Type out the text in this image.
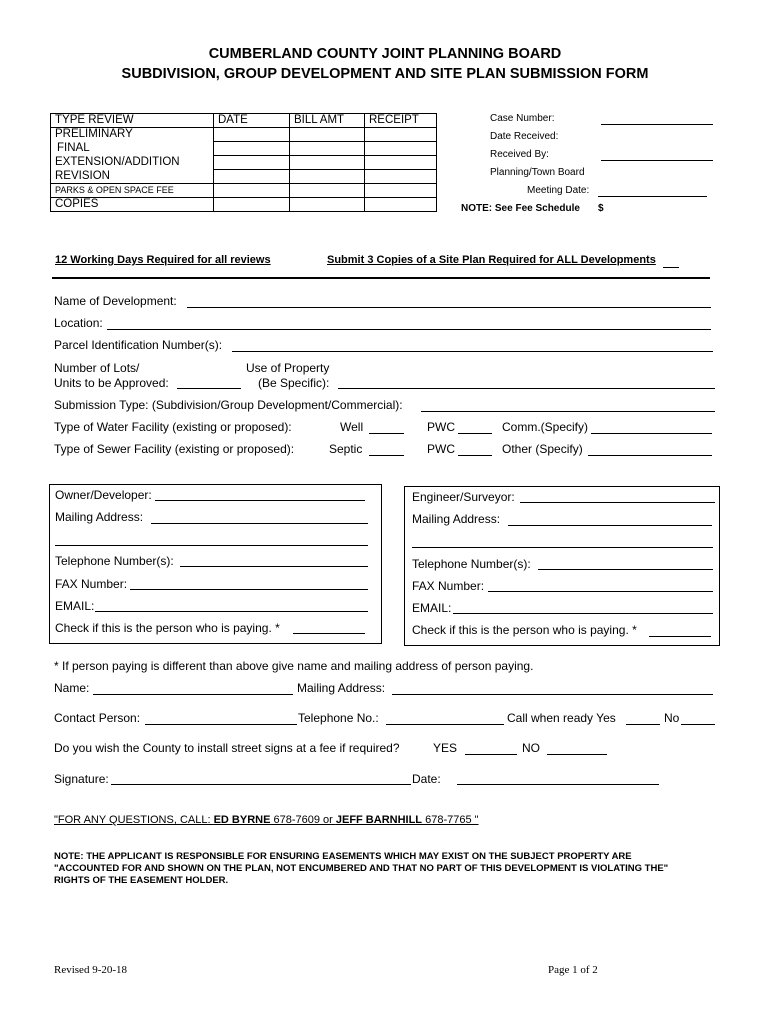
CUMBERLAND COUNTY JOINT PLANNING BOARD
SUBDIVISION, GROUP DEVELOPMENT AND SITE PLAN SUBMISSION FORM
TYPE REVIEW	DATE	BILL AMT	RECEIPT
PRELIMINARY			
FINAL			
EXTENSION/ADDITION			
REVISION			
PARKS & OPEN SPACE FEE			
COPIES			
Case Number:
Date Received:
Received By:
Planning/Town Board
Meeting Date:
NOTE: See Fee Schedule $
12 Working Days Required for all reviews	Submit 3 Copies of a Site Plan Required for ALL Developments
Name of Development:
Location:
Parcel Identification Number(s):
Number of Lots/
Units to be Approved:
Use of Property
(Be Specific):
Submission Type: (Subdivision/Group Development/Commercial):
Type of Water Facility (existing or proposed):	Well	PWC	Comm.(Specify)
Type of Sewer Facility (existing or proposed):	Septic	PWC	Other (Specify)
Owner/Developer:
Mailing Address:
Telephone Number(s):
FAX Number:
EMAIL:
Check if this is the person who is paying. *
Engineer/Surveyor:
Mailing Address:
Telephone Number(s):
FAX Number:
EMAIL:
Check if this is the person who is paying. *
* If person paying is different than above give name and mailing address of person paying.
Name:	Mailing Address:
Contact Person:	Telephone No.:	Call when ready Yes	No
Do you wish the County to install street signs at a fee if required?	YES	NO
Signature:	Date:
"FOR ANY QUESTIONS, CALL: ED BYRNE 678-7609 or JEFF BARNHILL 678-7765 "
NOTE: THE APPLICANT IS RESPONSIBLE FOR ENSURING EASEMENTS WHICH MAY EXIST ON THE SUBJECT PROPERTY ARE
"ACCOUNTED FOR AND SHOWN ON THE PLAN, NOT ENCUMBERED AND THAT NO PART OF THIS DEVELOPMENT IS VIOLATING THE"
RIGHTS OF THE EASEMENT HOLDER.
Revised 9-20-18	Page 1 of 2
